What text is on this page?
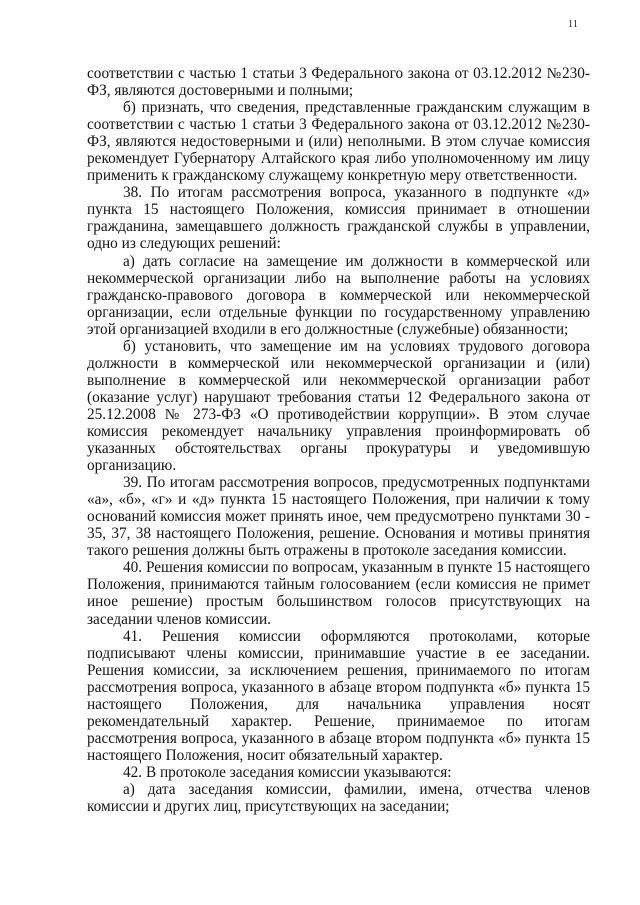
11

соответствии с частью 1 статьи 3 Федерального закона от 03.12.2012 №230-ФЗ, являются достоверными и полными;

б) признать, что сведения, представленные гражданским служащим в соответствии с частью 1 статьи 3 Федерального закона от 03.12.2012 №230-ФЗ, являются недостоверными и (или) неполными. В этом случае комиссия рекомендует Губернатору Алтайского края либо уполномоченному им лицу применить к гражданскому служащему конкретную меру ответственности.

38. По итогам рассмотрения вопроса, указанного в подпункте «д» пункта 15 настоящего Положения, комиссия принимает в отношении гражданина, замещавшего должность гражданской службы в управлении, одно из следующих решений:

а) дать согласие на замещение им должности в коммерческой или некоммерческой организации либо на выполнение работы на условиях гражданско-правового договора в коммерческой или некоммерческой организации, если отдельные функции по государственному управлению этой организацией входили в его должностные (служебные) обязанности;

б) установить, что замещение им на условиях трудового договора должности в коммерческой или некоммерческой организации и (или) выполнение в коммерческой или некоммерческой организации работ (оказание услуг) нарушают требования статьи 12 Федерального закона от 25.12.2008 № 273-ФЗ «О противодействии коррупции». В этом случае комиссия рекомендует начальнику управления проинформировать об указанных обстоятельствах органы прокуратуры и уведомившую организацию.

39. По итогам рассмотрения вопросов, предусмотренных подпунктами «а», «б», «г» и «д» пункта 15 настоящего Положения, при наличии к тому оснований комиссия может принять иное, чем предусмотрено пунктами 30 - 35, 37, 38 настоящего Положения, решение. Основания и мотивы принятия такого решения должны быть отражены в протоколе заседания комиссии.

40. Решения комиссии по вопросам, указанным в пункте 15 настоящего Положения, принимаются тайным голосованием (если комиссия не примет иное решение) простым большинством голосов присутствующих на заседании членов комиссии.

41. Решения комиссии оформляются протоколами, которые подписывают члены комиссии, принимавшие участие в ее заседании. Решения комиссии, за исключением решения, принимаемого по итогам рассмотрения вопроса, указанного в абзаце втором подпункта «б» пункта 15 настоящего Положения, для начальника управления носят рекомендательный характер. Решение, принимаемое по итогам рассмотрения вопроса, указанного в абзаце втором подпункта «б» пункта 15 настоящего Положения, носит обязательный характер.

42. В протоколе заседания комиссии указываются:

а) дата заседания комиссии, фамилии, имена, отчества членов комиссии и других лиц, присутствующих на заседании;
